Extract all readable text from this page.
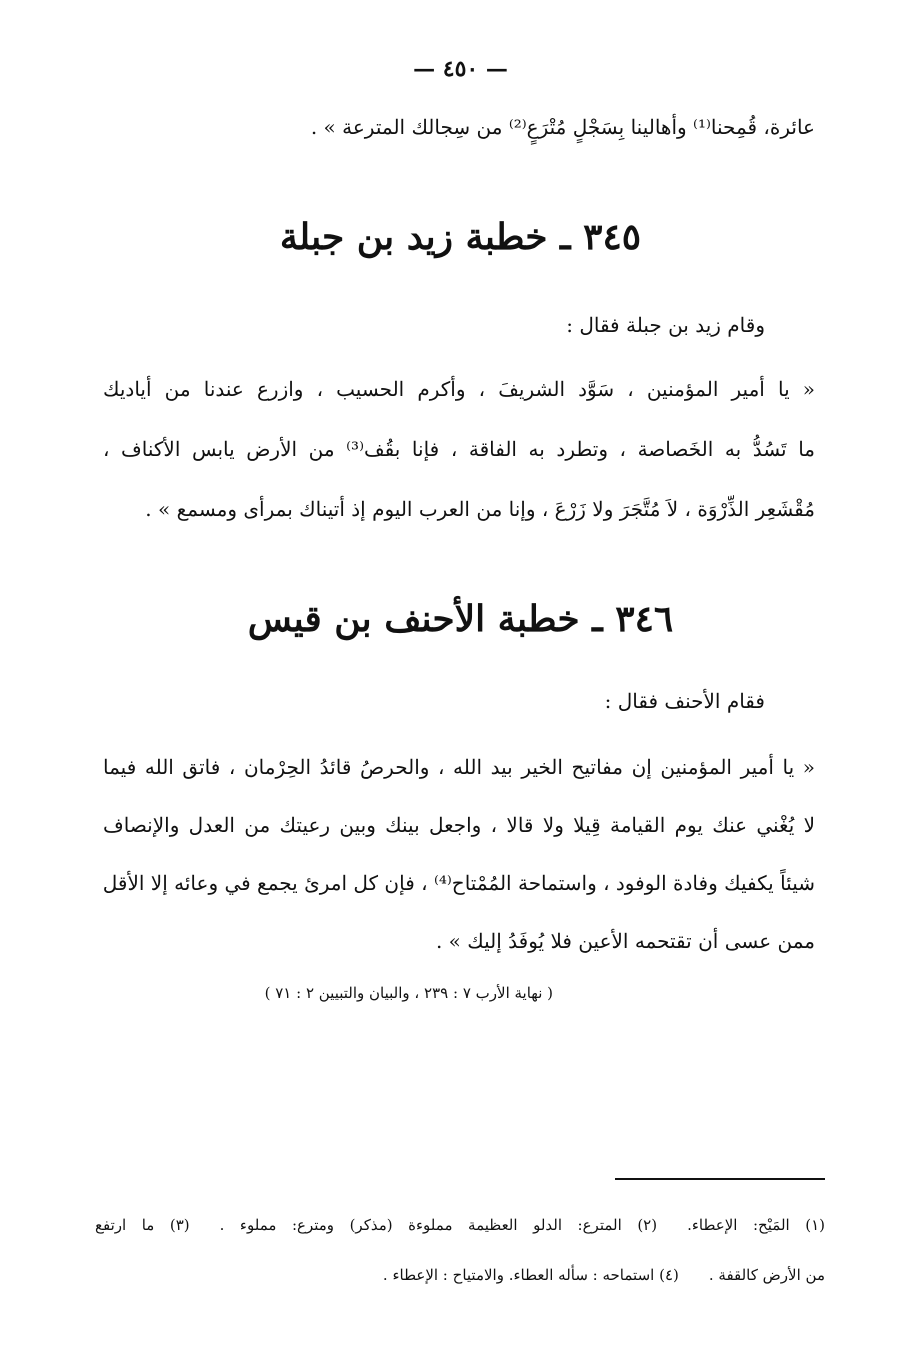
— ٤٥٠ —
عائرة، قُمِحنا⁽¹⁾ وأهالينا بِسَجْلٍ مُتْرَعٍ⁽²⁾ من سِجالك المترعة » .
٣٤٥ ـ خطبة زيد بن جبلة
وقام زيد بن جبلة فقال :
« يا أمير المؤمنين ، سَوَّد الشريفَ ، وأكرم الحسيب ، وازرع عندنا من أياديك
ما تَسُدُّ به الخَصاصة ، وتطرد به الفاقة ، فإنا بقُف⁽³⁾ من الأرض يابس الأكناف ،
مُقْشَعِر الذِّرْوَة ، لاَ مُتَّجَرَ ولا زَرْعَ ، وإنا من العرب اليوم إذ أتيناك بمرأى ومسمع » .
٣٤٦ ـ خطبة الأحنف بن قيس
فقام الأحنف فقال :
« يا أمير المؤمنين إن مفاتيح الخير بيد الله ، والحرصُ قائدُ الحِرْمان ، فاتق الله فيما
لا يُغْني عنك يوم القيامة قِيلا ولا قالا ، واجعل بينك وبين رعيتك من العدل والإنصاف
شيئاً يكفيك وفادة الوفود ، واستماحة المُمْتاح⁽⁴⁾ ، فإن كل امرئ يجمع في وعائه إلا الأقل
ممن عسى أن تقتحمه الأعين فلا يُوفَدُ إليك » .
( نهاية الأرب ٧ : ٢٣٩ ، والبيان والتبيين ٢ : ٧١ )
(١) المَيْح: الإعطاء.(٢) المترع: الدلو العظيمة مملوءة (مذكر) ومترع: مملوء .(٣) ما ارتفع
من الأرض كالقفة .(٤) استماحه : سأله العطاء. والامتياح : الإعطاء .
